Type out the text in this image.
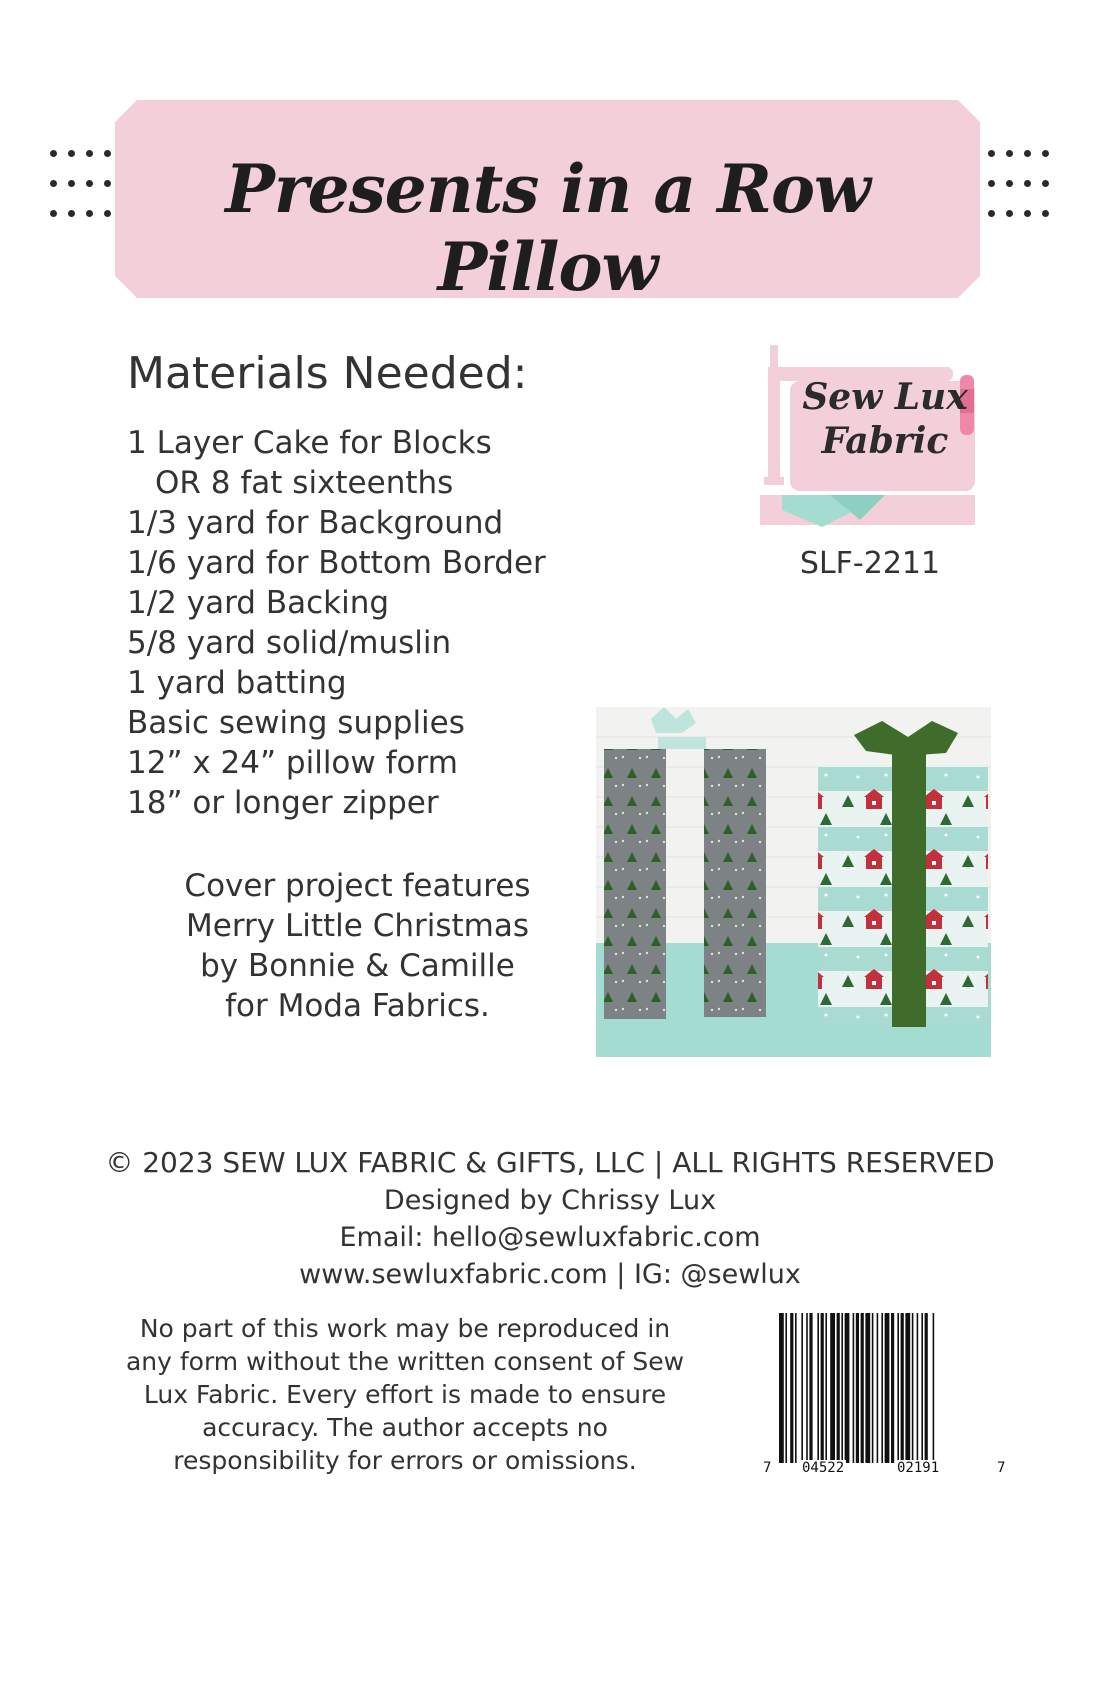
Presents in a Row Pillow
Materials Needed:
1 Layer Cake for Blocks
OR 8 fat sixteenths
1/3 yard for Background
1/6 yard for Bottom Border
1/2 yard Backing
5/8 yard solid/muslin
1 yard batting
Basic sewing supplies
12” x 24” pillow form
18” or longer zipper
Cover project features
Merry Little Christmas
by Bonnie & Camille
for Moda Fabrics.
Sew Lux
Fabric
SLF-2211
© 2023 SEW LUX FABRIC & GIFTS, LLC | ALL RIGHTS RESERVED
Designed by Chrissy Lux
Email: hello@sewluxfabric.com
www.sewluxfabric.com | IG: @sewlux
No part of this work may be reproduced in
any form without the written consent of Sew
Lux Fabric. Every effort is made to ensure
accuracy. The author accepts no
responsibility for errors or omissions.	7 04522	02191	7
